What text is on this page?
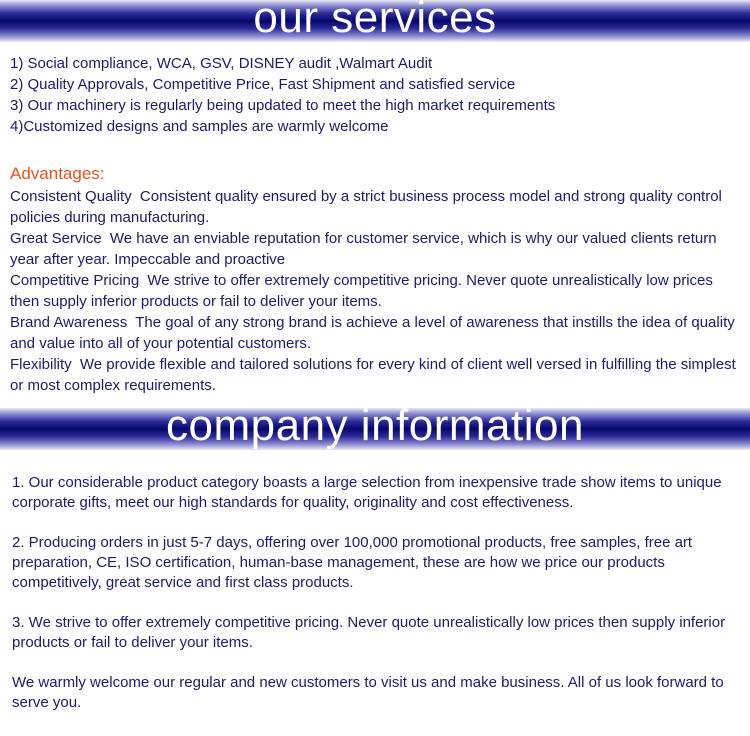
our services
1) Social compliance, WCA, GSV, DISNEY audit ,Walmart Audit
2) Quality Approvals, Competitive Price, Fast Shipment and satisfied service
3) Our machinery is regularly being updated to meet the high market requirements
4)Customized designs and samples are warmly welcome
Advantages:

Consistent Quality Consistent quality ensured by a strict business process model and strong quality control policies during manufacturing.

Great Service We have an enviable reputation for customer service, which is why our valued clients return year after year. Impeccable and proactive

Competitive Pricing We strive to offer extremely competitive pricing. Never quote unrealistically low prices then supply inferior products or fail to deliver your items.

Brand Awareness The goal of any strong brand is achieve a level of awareness that instills the idea of quality and value into all of your potential customers.

Flexibility We provide flexible and tailored solutions for every kind of client well versed in fulfilling the simplest or most complex requirements.

company information

1. Our considerable product category boasts a large selection from inexpensive trade show items to unique corporate gifts, meet our high standards for quality, originality and cost effectiveness.

2. Producing orders in just 5-7 days, offering over 100,000 promotional products, free samples, free art preparation, CE, ISO certification, human-base management, these are how we price our products competitively, great service and first class products.

3. We strive to offer extremely competitive pricing. Never quote unrealistically low prices then supply inferior products or fail to deliver your items.

We warmly welcome our regular and new customers to visit us and make business. All of us look forward to serve you.
